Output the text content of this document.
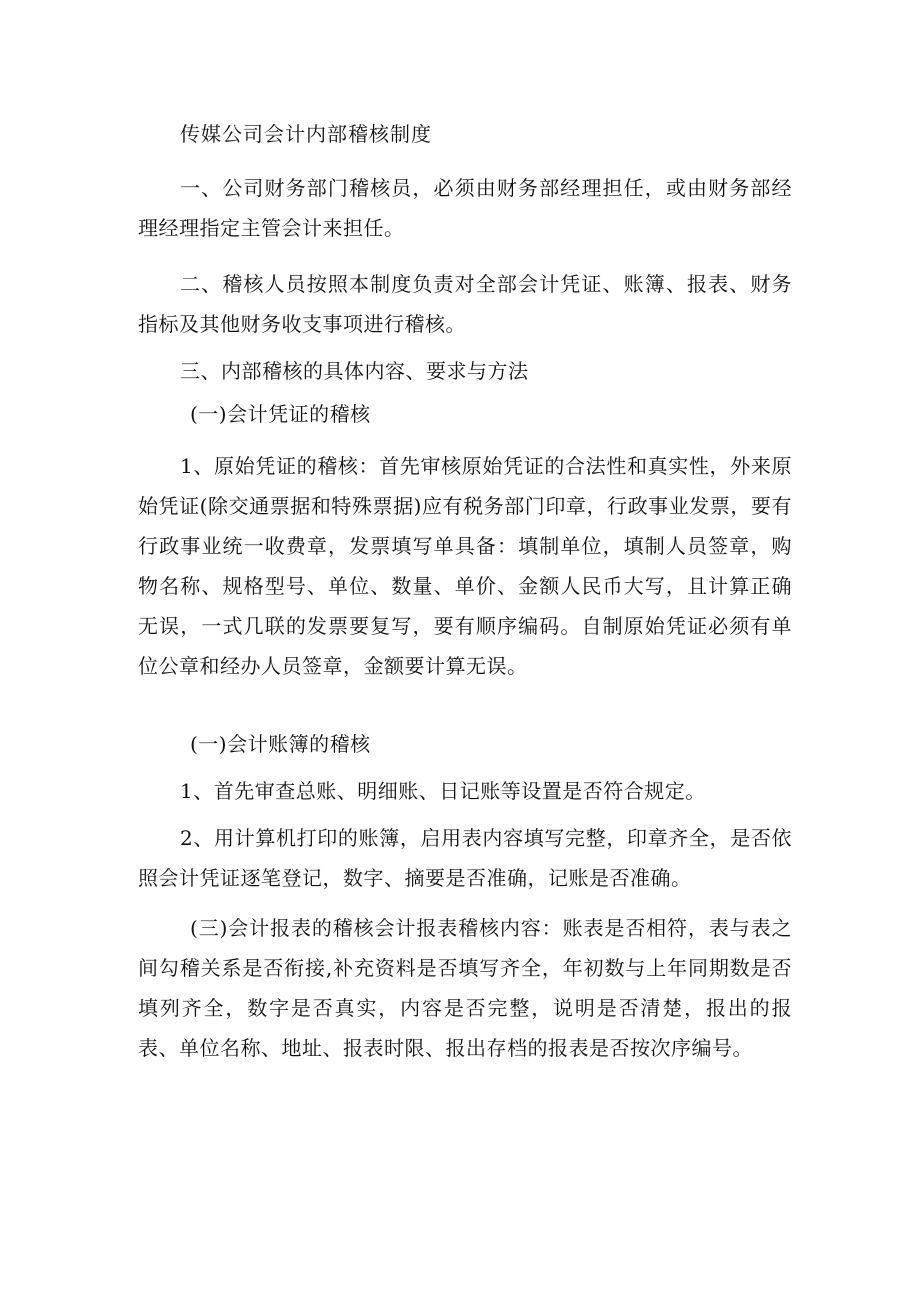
传媒公司会计内部稽核制度

一、公司财务部门稽核员，必须由财务部经理担任，或由财务部经理经理指定主管会计来担任。

二、稽核人员按照本制度负责对全部会计凭证、账簿、报表、财务指标及其他财务收支事项进行稽核。

三、内部稽核的具体内容、要求与方法

(一)会计凭证的稽核

1、原始凭证的稽核：首先审核原始凭证的合法性和真实性，外来原始凭证(除交通票据和特殊票据)应有税务部门印章，行政事业发票，要有行政事业统一收费章，发票填写单具备：填制单位，填制人员签章，购物名称、规格型号、单位、数量、单价、金额人民币大写，且计算正确无误，一式几联的发票要复写，要有顺序编码。自制原始凭证必须有单位公章和经办人员签章，金额要计算无误。

(一)会计账簿的稽核

1、首先审查总账、明细账、日记账等设置是否符合规定。

2、用计算机打印的账簿，启用表内容填写完整，印章齐全，是否依照会计凭证逐笔登记，数字、摘要是否准确，记账是否准确。

(三)会计报表的稽核会计报表稽核内容：账表是否相符，表与表之间勾稽关系是否衔接,补充资料是否填写齐全，年初数与上年同期数是否填列齐全，数字是否真实，内容是否完整，说明是否清楚，报出的报表、单位名称、地址、报表时限、报出存档的报表是否按次序编号。
